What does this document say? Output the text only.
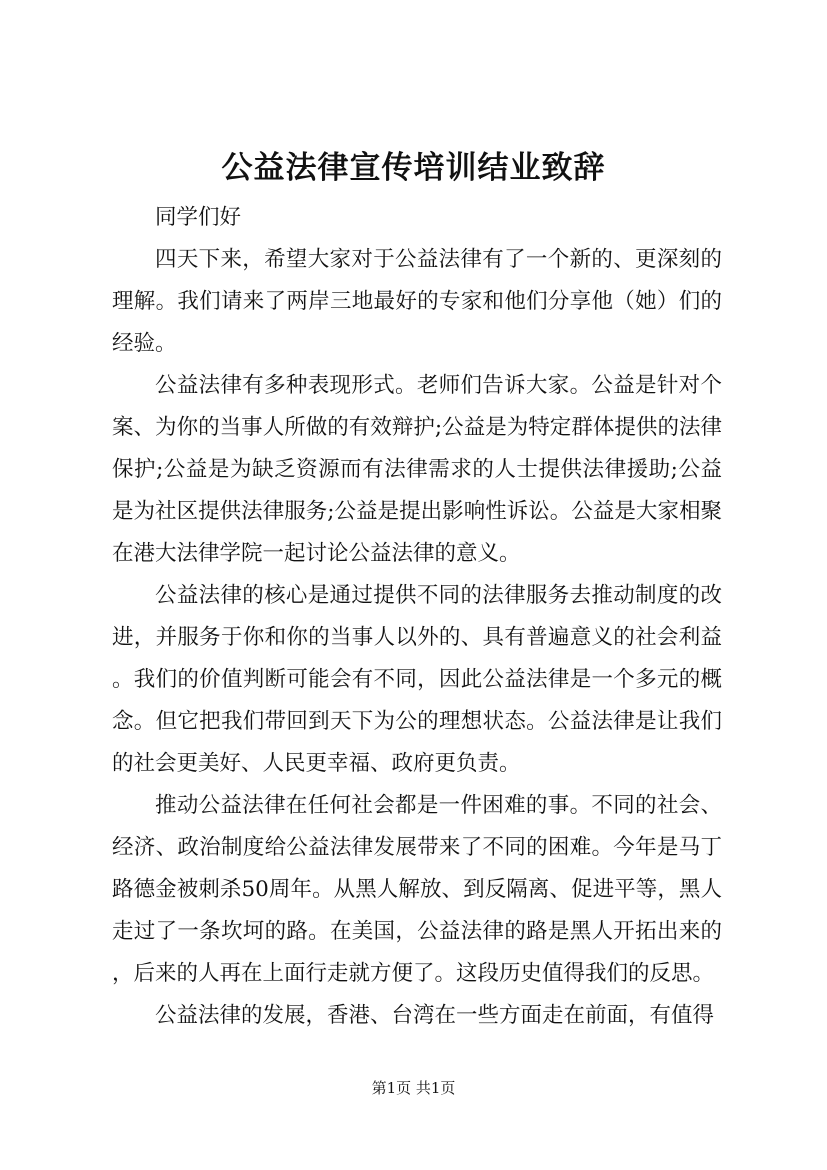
公益法律宣传培训结业致辞

同学们好

四天下来，希望大家对于公益法律有了一个新的、更深刻的理解。我们请来了两岸三地最好的专家和他们分享他（她）们的经验。

公益法律有多种表现形式。老师们告诉大家。公益是针对个案、为你的当事人所做的有效辩护;公益是为特定群体提供的法律保护;公益是为缺乏资源而有法律需求的人士提供法律援助;公益是为社区提供法律服务;公益是提出影响性诉讼。公益是大家相聚在港大法律学院一起讨论公益法律的意义。

公益法律的核心是通过提供不同的法律服务去推动制度的改进，并服务于你和你的当事人以外的、具有普遍意义的社会利益。我们的价值判断可能会有不同，因此公益法律是一个多元的概念。但它把我们带回到天下为公的理想状态。公益法律是让我们的社会更美好、人民更幸福、政府更负责。

推动公益法律在任何社会都是一件困难的事。不同的社会、经济、政治制度给公益法律发展带来了不同的困难。今年是马丁路德金被刺杀50周年。从黑人解放、到反隔离、促进平等，黑人走过了一条坎坷的路。在美国，公益法律的路是黑人开拓出来的，后来的人再在上面行走就方便了。这段历史值得我们的反思。

公益法律的发展，香港、台湾在一些方面走在前面，有值得

第1页 共1页
